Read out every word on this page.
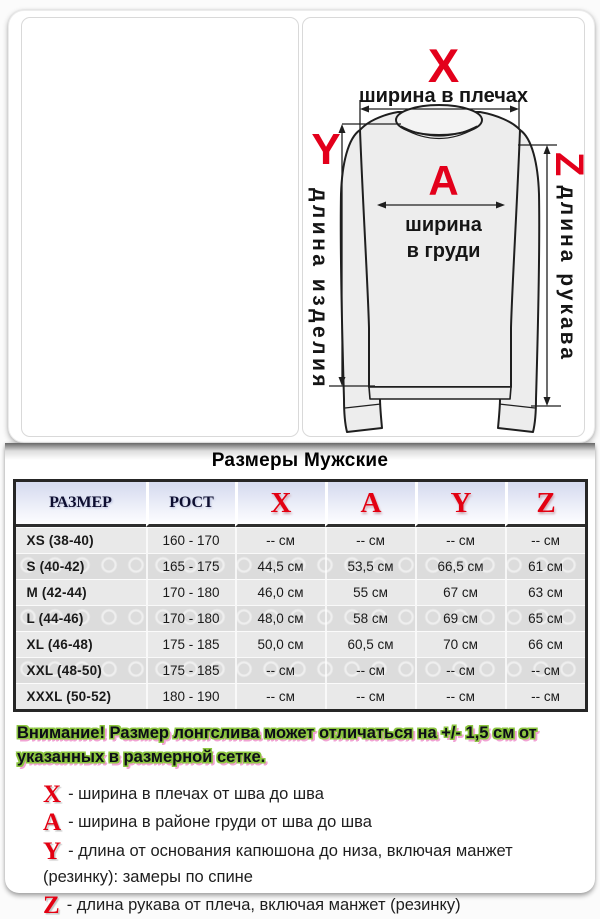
X
ширина в плечах
A
ширина
в груди
Y
длина изделия
Zдлина рукава
Размеры Мужские
РАЗМЕР	РОСТ	X	A	Y	Z
XS (38-40)	160 - 170	-- см	-- см	-- см	-- см
S (40-42)	165 - 175	44,5 см	53,5 см	66,5 см	61 см
M (42-44)	170 - 180	46,0 см	55 см	67 см	63 см
L (44-46)	170 - 180	48,0 см	58 см	69 см	65 см
XL (46-48)	175 - 185	50,0 см	60,5 см	70 см	66 см
XXL (48-50)	175 - 185	-- см	-- см	-- см	-- см
XXXL (50-52)	180 - 190	-- см	-- см	-- см	-- см
Внимание! Размер лонгслива может отличаться на +/- 1,5 см от указанных в размерной сетке.
X - ширина в плечах от шва до шва
A - ширина в районе груди от шва до шва
Y - длина от основания капюшона до низа, включая манжет (резинку): замеры по спине
Z - длина рукава от плеча, включая манжет (резинку)
